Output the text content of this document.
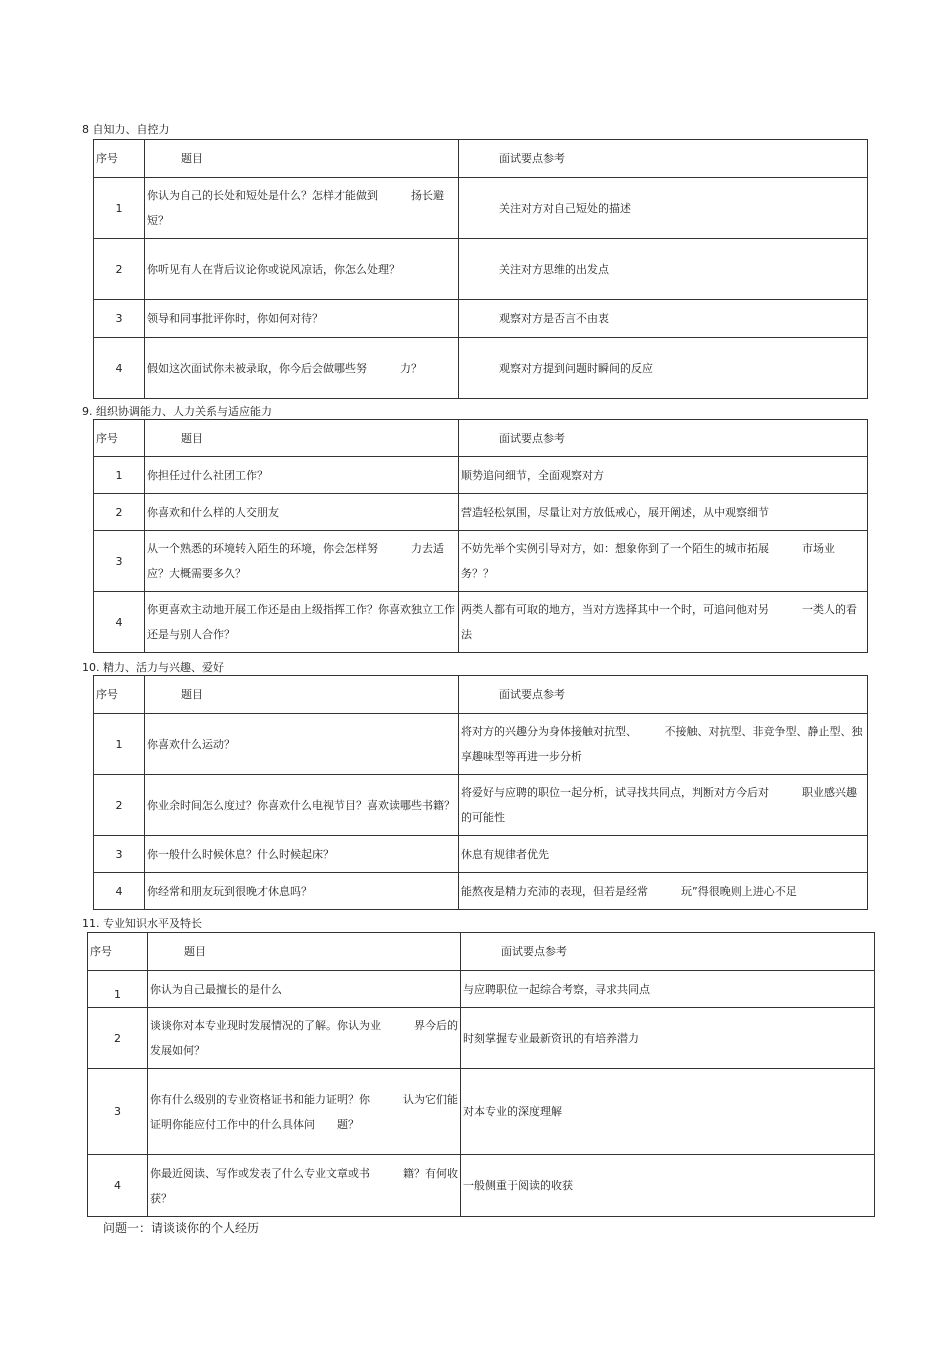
8 自知力、自控力
序号	题目	面试要点参考
1	你认为自己的长处和短处是什么？怎样才能做到　　　扬长避短？	关注对方对自己短处的描述
2	你听见有人在背后议论你或说风凉话，你怎么处理？	关注对方思维的出发点
3	领导和同事批评你时，你如何对待？	观察对方是否言不由衷
4	假如这次面试你未被录取，你今后会做哪些努　　　力？	观察对方提到问题时瞬间的反应
9. 组织协调能力、人力关系与适应能力
序号	题目	面试要点参考
1	你担任过什么社团工作？	顺势追问细节，全面观察对方
2	你喜欢和什么样的人交朋友	营造轻松氛围，尽量让对方放低戒心，展开阐述，从中观察细节
3	从一个熟悉的环境转入陌生的环境，你会怎样努　　　力去适应？大概需要多久？	不妨先举个实例引导对方，如：想象你到了一个陌生的城市拓展　　　市场业务？？
4	你更喜欢主动地开展工作还是由上级指挥工作？你喜欢独立工作还是与别人合作？	两类人都有可取的地方，当对方选择其中一个时，可追问他对另　　　一类人的看法
10. 精力、活力与兴趣、爱好
序号	题目	面试要点参考
1	你喜欢什么运动？	将对方的兴趣分为身体接触对抗型、　　　不接触、对抗型、非竞争型、静止型、独享趣味型等再进一步分析
2	你业余时间怎么度过？你喜欢什么电视节目？喜欢读哪些书籍？	将爱好与应聘的职位一起分析，试寻找共同点，判断对方今后对　　　职业感兴趣的可能性
3	你一般什么时候休息？什么时候起床？	休息有规律者优先
4	你经常和朋友玩到很晚才休息吗？	能熬夜是精力充沛的表现，但若是经常　　　玩”得很晚则上进心不足
11. 专业知识水平及特长
序号	题目	面试要点参考
1	你认为自己最擅长的是什么	与应聘职位一起综合考察，寻求共同点
2	谈谈你对本专业现时发展情况的了解。你认为业　　　界今后的发展如何？	时刻掌握专业最新资讯的有培养潜力
3	你有什么级别的专业资格证书和能力证明？你　　　认为它们能证明你能应付工作中的什么具体问　　题？	对本专业的深度理解
4	你最近阅读、写作或发表了什么专业文章或书　　　籍？有何收获？	一般侧重于阅读的收获
问题一：请谈谈你的个人经历
